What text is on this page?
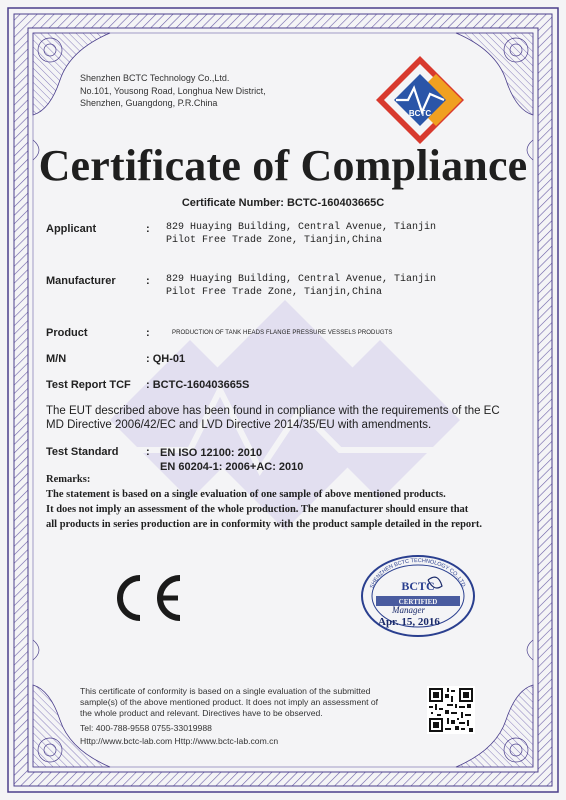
Shenzhen BCTC Technology Co.,Ltd.
No.101, Yousong Road, Longhua New District,
Shenzhen, Guangdong, P.R.China
BCTC
Certificate of Compliance
Certificate Number: BCTC-160403665C
Applicant	: 829 Huaying Building, Central Avenue, Tianjin
Pilot Free Trade Zone, Tianjin,China
Manufacturer	: 829 Huaying Building, Central Avenue, Tianjin
Pilot Free Trade Zone, Tianjin,China
Product	:	PRODUCTION OF TANK HEADS FLANGE PRESSURE VESSELS PRODUGTS
M/N	: QH-01
Test Report TCF : BCTC-160403665S
The EUT described above has been found in compliance with the requirements of the EC
MD Directive 2006/42/EC and LVD Directive 2014/35/EU with amendments.
Test Standard : EN ISO 12100: 2010
EN 60204-1: 2006+AC: 2010
Remarks:
The statement is based on a single evaluation of one sample of above mentioned products.
It does not imply an assessment of the whole production. The manufacturer should ensure that
all products in series production are in conformity with the product sample detailed in the report.
CERTIFIED
BCTC
SHENZHEN BCTC TECHNOLOGY CO.,LTD.
Manager
Apr. 15, 2016
This certificate of conformity is based on a single evaluation of the submitted
sample(s) of the above mentioned product. It does not imply an assessment of
the whole product and relevant. Directives have to be observed.
Tel: 400-788-9558 0755-33019988
Http://www.bctc-lab.com Http://www.bctc-lab.com.cn
